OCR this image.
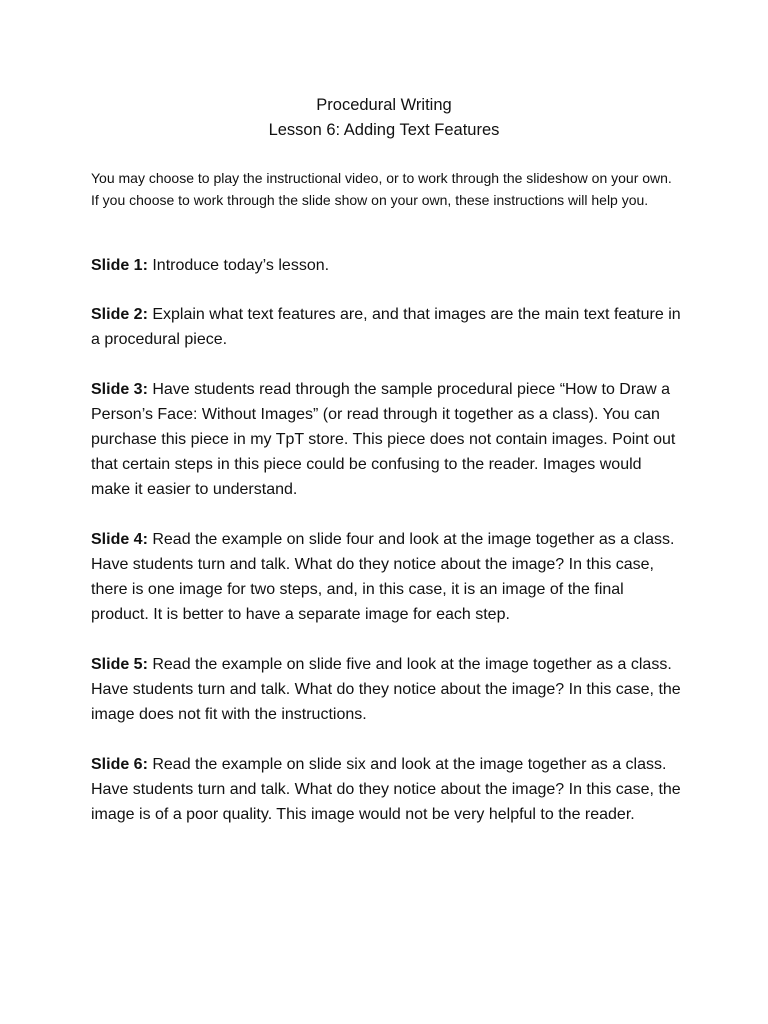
Procedural Writing
Lesson 6: Adding Text Features
You may choose to play the instructional video, or to work through the slideshow on your own. If you choose to work through the slide show on your own, these instructions will help you.

Slide 1: Introduce today’s lesson.

Slide 2: Explain what text features are, and that images are the main text feature in a procedural piece.

Slide 3: Have students read through the sample procedural piece “How to Draw a Person’s Face: Without Images” (or read through it together as a class). You can purchase this piece in my TpT store. This piece does not contain images. Point out that certain steps in this piece could be confusing to the reader. Images would make it easier to understand.

Slide 4: Read the example on slide four and look at the image together as a class. Have students turn and talk. What do they notice about the image? In this case, there is one image for two steps, and, in this case, it is an image of the final product. It is better to have a separate image for each step.

Slide 5: Read the example on slide five and look at the image together as a class. Have students turn and talk. What do they notice about the image? In this case, the image does not fit with the instructions.

Slide 6: Read the example on slide six and look at the image together as a class. Have students turn and talk. What do they notice about the image? In this case, the image is of a poor quality. This image would not be very helpful to the reader.
